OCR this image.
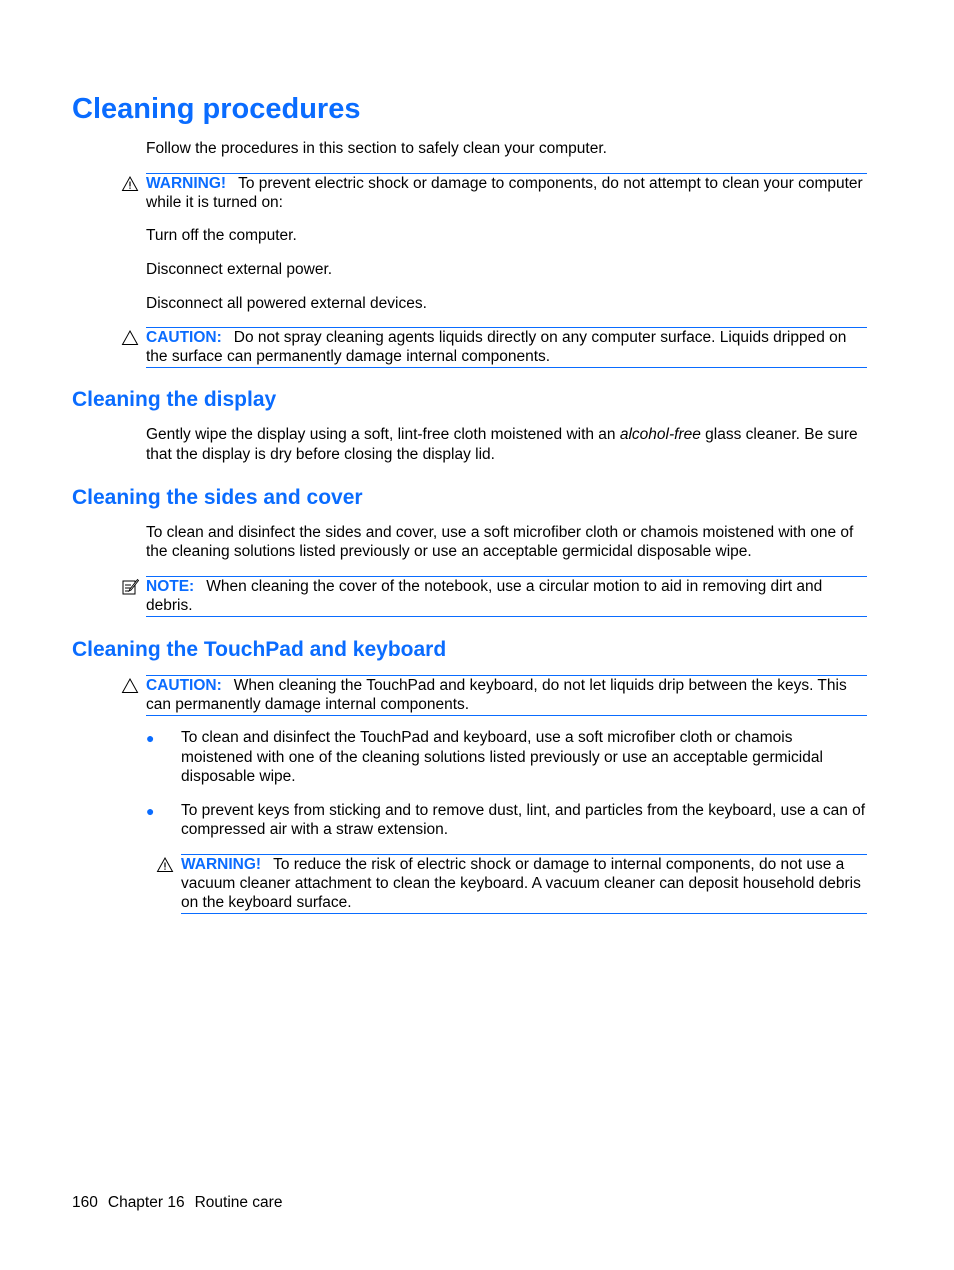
Cleaning procedures

Follow the procedures in this section to safely clean your computer.

WARNING! To prevent electric shock or damage to components, do not attempt to clean your computer while it is turned on:

Turn off the computer.

Disconnect external power.

Disconnect all powered external devices.

CAUTION: Do not spray cleaning agents liquids directly on any computer surface. Liquids dripped on the surface can permanently damage internal components.
Cleaning the display

Gently wipe the display using a soft, lint-free cloth moistened with an alcohol-free glass cleaner. Be sure that the display is dry before closing the display lid.

Cleaning the sides and cover

To clean and disinfect the sides and cover, use a soft microfiber cloth or chamois moistened with one of the cleaning solutions listed previously or use an acceptable germicidal disposable wipe.

NOTE: When cleaning the cover of the notebook, use a circular motion to aid in removing dirt and debris.
Cleaning the TouchPad and keyboard
CAUTION: When cleaning the TouchPad and keyboard, do not let liquids drip between the keys. This can permanently damage internal components.
● To clean and disinfect the TouchPad and keyboard, use a soft microfiber cloth or chamois moistened with one of the cleaning solutions listed previously or use an acceptable germicidal disposable wipe.

● To prevent keys from sticking and to remove dust, lint, and particles from the keyboard, use a can of compressed air with a straw extension.

WARNING! To reduce the risk of electric shock or damage to internal components, do not use a vacuum cleaner attachment to clean the keyboard. A vacuum cleaner can deposit household debris on the keyboard surface.
160 Chapter 16 Routine care
